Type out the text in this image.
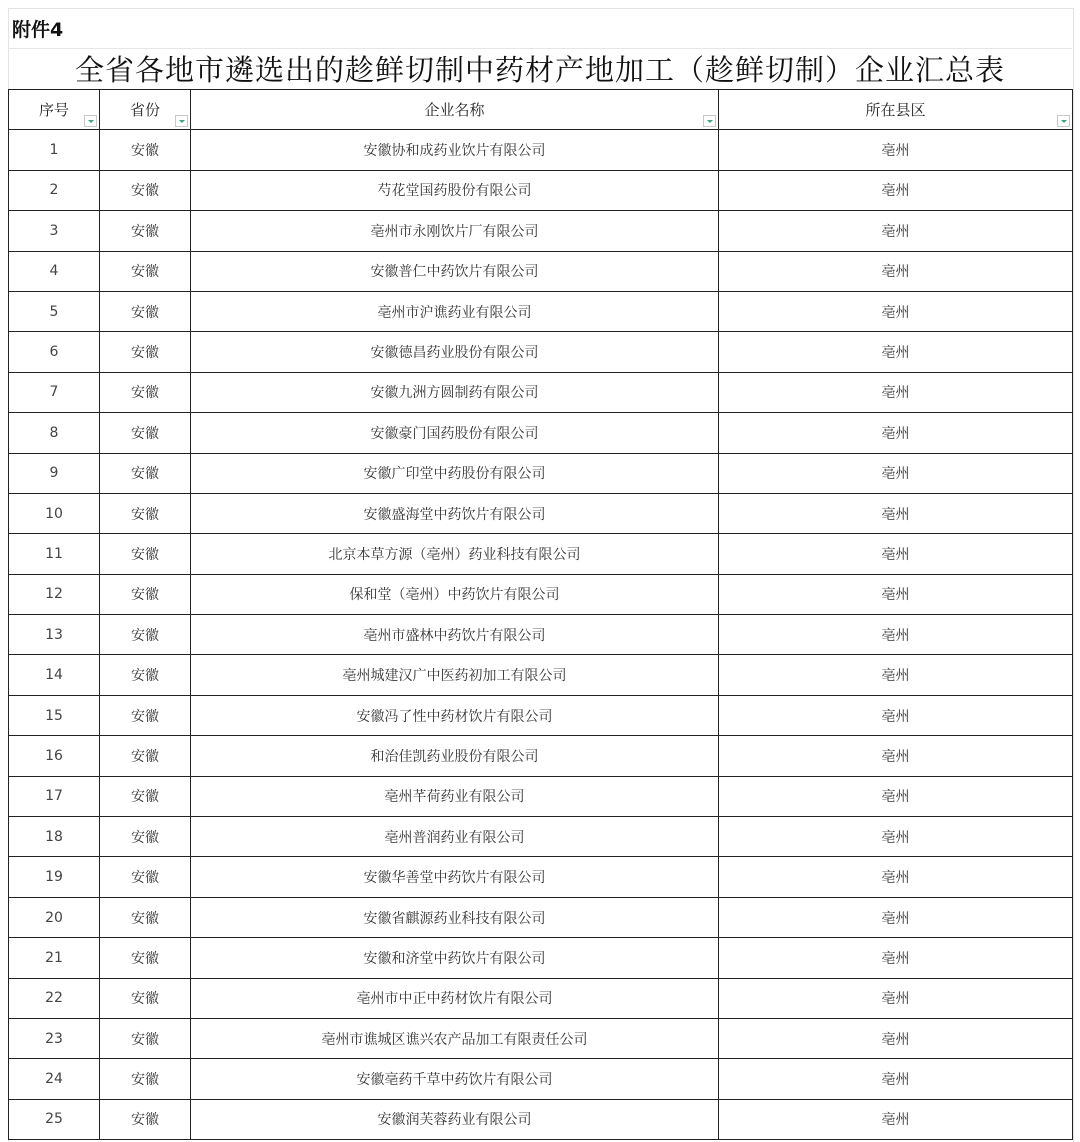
附件4
全省各地市遴选出的趁鲜切制中药材产地加工（趁鲜切制）企业汇总表
序号	省份	企业名称	所在县区

1	安徽	安徽协和成药业饮片有限公司	亳州
2	安徽	芍花堂国药股份有限公司	亳州
3	安徽	亳州市永刚饮片厂有限公司	亳州
4	安徽	安徽普仁中药饮片有限公司	亳州
5	安徽	亳州市沪谯药业有限公司	亳州
6	安徽	安徽德昌药业股份有限公司	亳州
7	安徽	安徽九洲方圆制药有限公司	亳州
8	安徽	安徽豪门国药股份有限公司	亳州
9	安徽	安徽广印堂中药股份有限公司	亳州
10	安徽	安徽盛海堂中药饮片有限公司	亳州
11	安徽	北京本草方源（亳州）药业科技有限公司	亳州
12	安徽	保和堂（亳州）中药饮片有限公司	亳州
13	安徽	亳州市盛林中药饮片有限公司	亳州
14	安徽	亳州城建汉广中医药初加工有限公司	亳州
15	安徽	安徽冯了性中药材饮片有限公司	亳州
16	安徽	和治佳凯药业股份有限公司	亳州
17	安徽	亳州芊荷药业有限公司	亳州
18	安徽	亳州普润药业有限公司	亳州
19	安徽	安徽华善堂中药饮片有限公司	亳州
20	安徽	安徽省麒源药业科技有限公司	亳州
21	安徽	安徽和济堂中药饮片有限公司	亳州
22	安徽	亳州市中正中药材饮片有限公司	亳州
23	安徽	亳州市谯城区谯兴农产品加工有限责任公司	亳州
24	安徽	安徽亳药千草中药饮片有限公司	亳州
25	安徽	安徽润芙蓉药业有限公司	亳州
